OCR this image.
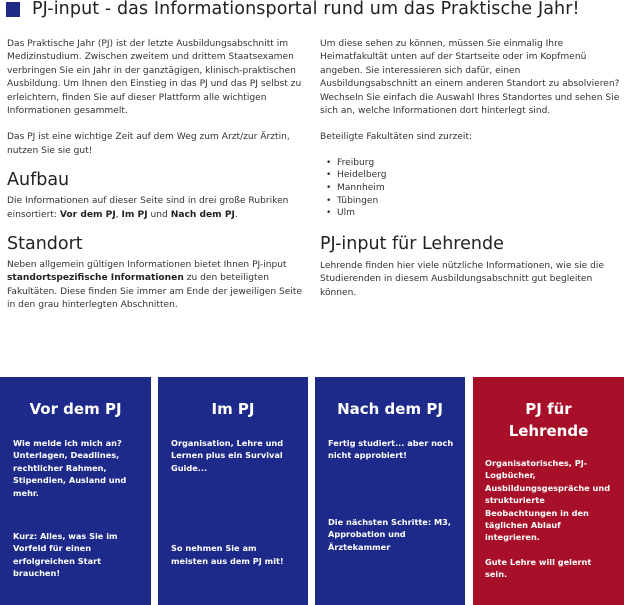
PJ-input - das Informationsportal rund um das Praktische Jahr!

Das Praktische Jahr (PJ) ist der letzte Ausbildungsabschnitt im Medizinstudium. Zwischen zweitem und drittem Staatsexamen verbringen Sie ein Jahr in der ganztägigen, klinisch-praktischen Ausbildung. Um Ihnen den Einstieg in das PJ und das PJ selbst zu erleichtern, finden Sie auf dieser Plattform alle wichtigen Informationen gesammelt.

Das PJ ist eine wichtige Zeit auf dem Weg zum Arzt/zur Ärztin, nutzen Sie sie gut!

Aufbau

Die Informationen auf dieser Seite sind in drei große Rubriken einsortiert: Vor dem PJ, Im PJ und Nach dem PJ.

Standort

Neben allgemein gültigen Informationen bietet Ihnen PJ-input standortspezifische Informationen zu den beteiligten Fakultäten. Diese finden Sie immer am Ende der jeweiligen Seite in den grau hinterlegten Abschnitten.

Um diese sehen zu können, müssen Sie einmalig Ihre Heimatfakultät unten auf der Startseite oder im Kopfmenü angeben. Sie interessieren sich dafür, einen Ausbildungsabschnitt an einem anderen Standort zu absolvieren? Wechseln Sie einfach die Auswahl Ihres Standortes und sehen Sie sich an, welche Informationen dort hinterlegt sind.

Beteiligte Fakultäten sind zurzeit:

• Freiburg
• Heidelberg
• Mannheim
• Tübingen
• Ulm
PJ-input für Lehrende

Lehrende finden hier viele nützliche Informationen, wie sie die Studierenden in diesem Ausbildungsabschnitt gut begleiten können.

Vor dem PJ
Wie melde ich mich an? Unterlagen, Deadlines, rechtlicher Rahmen, Stipendien, Ausland und mehr.
Kurz: Alles, was Sie im Vorfeld für einen erfolgreichen Start brauchen!
Im PJ
Organisation, Lehre und Lernen plus ein Survival Guide...
So nehmen Sie am meisten aus dem PJ mit!
Nach dem PJ
Fertig studiert... aber noch nicht approbiert!
Die nächsten Schritte: M3, Approbation und Ärztekammer
PJ für
Lehrende
Organisatorisches, PJ-Logbücher, Ausbildungsgespräche und strukturierte Beobachtungen in den täglichen Ablauf integrieren.
Gute Lehre will gelernt sein.
